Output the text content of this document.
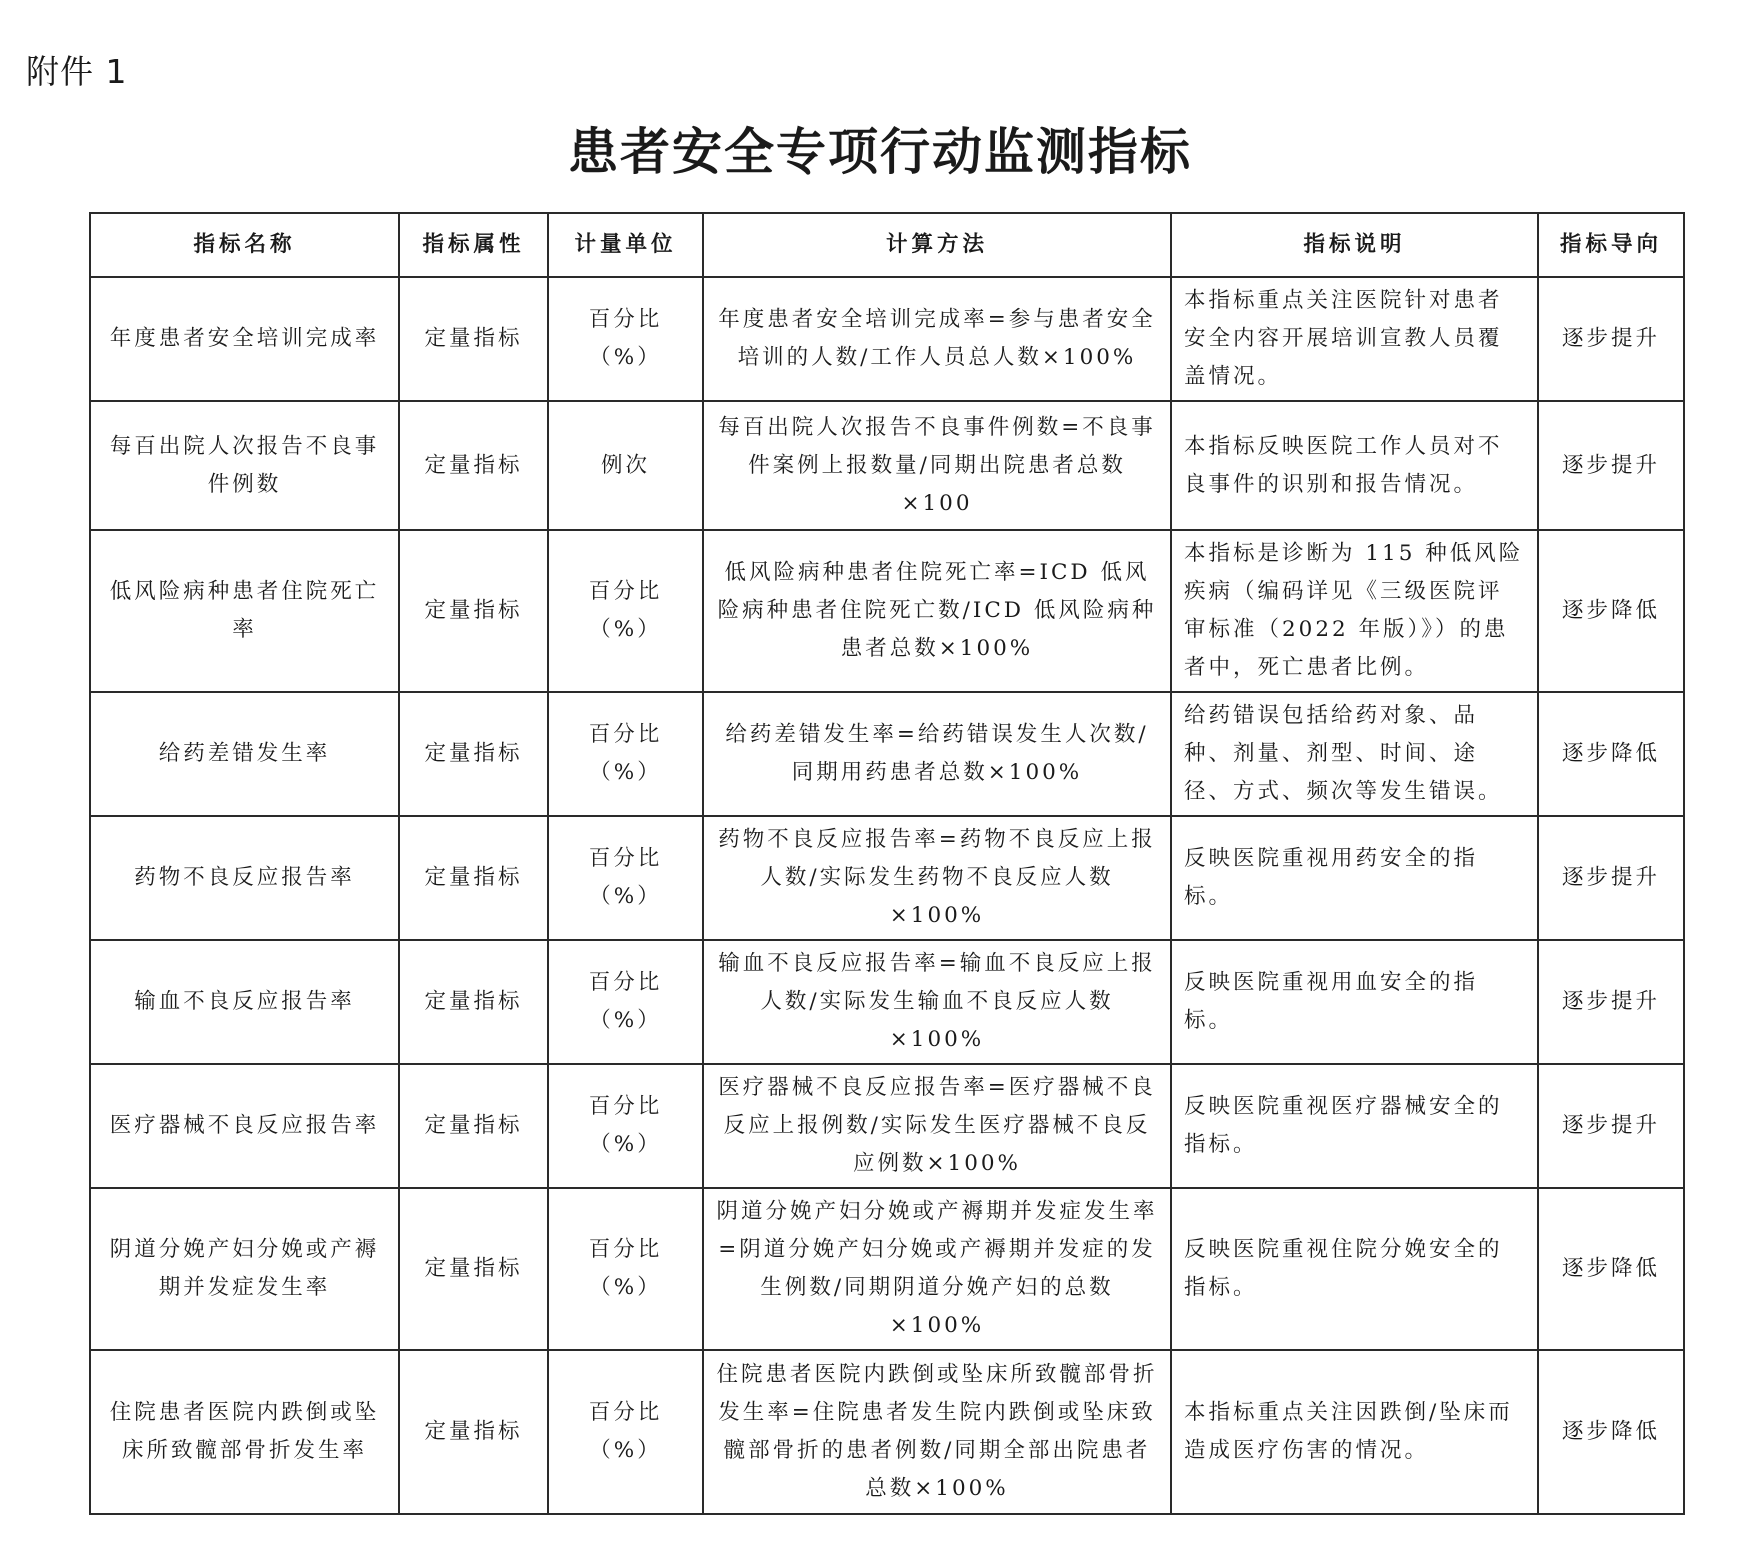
附件 1
患者安全专项行动监测指标
指标名称	指标属性	计量单位	计算方法	指标说明	指标导向
年度患者安全培训完成率	定量指标	百分比（%）	年度患者安全培训完成率=参与患者安全培训的人数/工作人员总人数×100%	本指标重点关注医院针对患者安全内容开展培训宣教人员覆盖情况。	逐步提升
每百出院人次报告不良事件例数	定量指标	例次	每百出院人次报告不良事件例数=不良事件案例上报数量/同期出院患者总数×100	本指标反映医院工作人员对不良事件的识别和报告情况。	逐步提升
低风险病种患者住院死亡率	定量指标	百分比（%）	低风险病种患者住院死亡率=ICD 低风险病种患者住院死亡数/ICD 低风险病种患者总数×100%	本指标是诊断为 115 种低风险疾病（编码详见《三级医院评审标准（2022 年版）》）的患者中，死亡患者比例。	逐步降低
给药差错发生率	定量指标	百分比（%）	给药差错发生率=给药错误发生人次数/同期用药患者总数×100%	给药错误包括给药对象、品种、剂量、剂型、时间、途径、方式、频次等发生错误。	逐步降低
药物不良反应报告率	定量指标	百分比（%）	药物不良反应报告率=药物不良反应上报人数/实际发生药物不良反应人数×100%	反映医院重视用药安全的指标。	逐步提升
输血不良反应报告率	定量指标	百分比（%）	输血不良反应报告率=输血不良反应上报人数/实际发生输血不良反应人数×100%	反映医院重视用血安全的指标。	逐步提升
医疗器械不良反应报告率	定量指标	百分比（%）	医疗器械不良反应报告率=医疗器械不良反应上报例数/实际发生医疗器械不良反应例数×100%	反映医院重视医疗器械安全的指标。	逐步提升
阴道分娩产妇分娩或产褥期并发症发生率	定量指标	百分比（%）	阴道分娩产妇分娩或产褥期并发症发生率=阴道分娩产妇分娩或产褥期并发症的发生例数/同期阴道分娩产妇的总数×100%	反映医院重视住院分娩安全的指标。	逐步降低
住院患者医院内跌倒或坠床所致髋部骨折发生率	定量指标	百分比（%）	住院患者医院内跌倒或坠床所致髋部骨折发生率=住院患者发生院内跌倒或坠床致髋部骨折的患者例数/同期全部出院患者总数×100%	本指标重点关注因跌倒/坠床而造成医疗伤害的情况。	逐步降低
